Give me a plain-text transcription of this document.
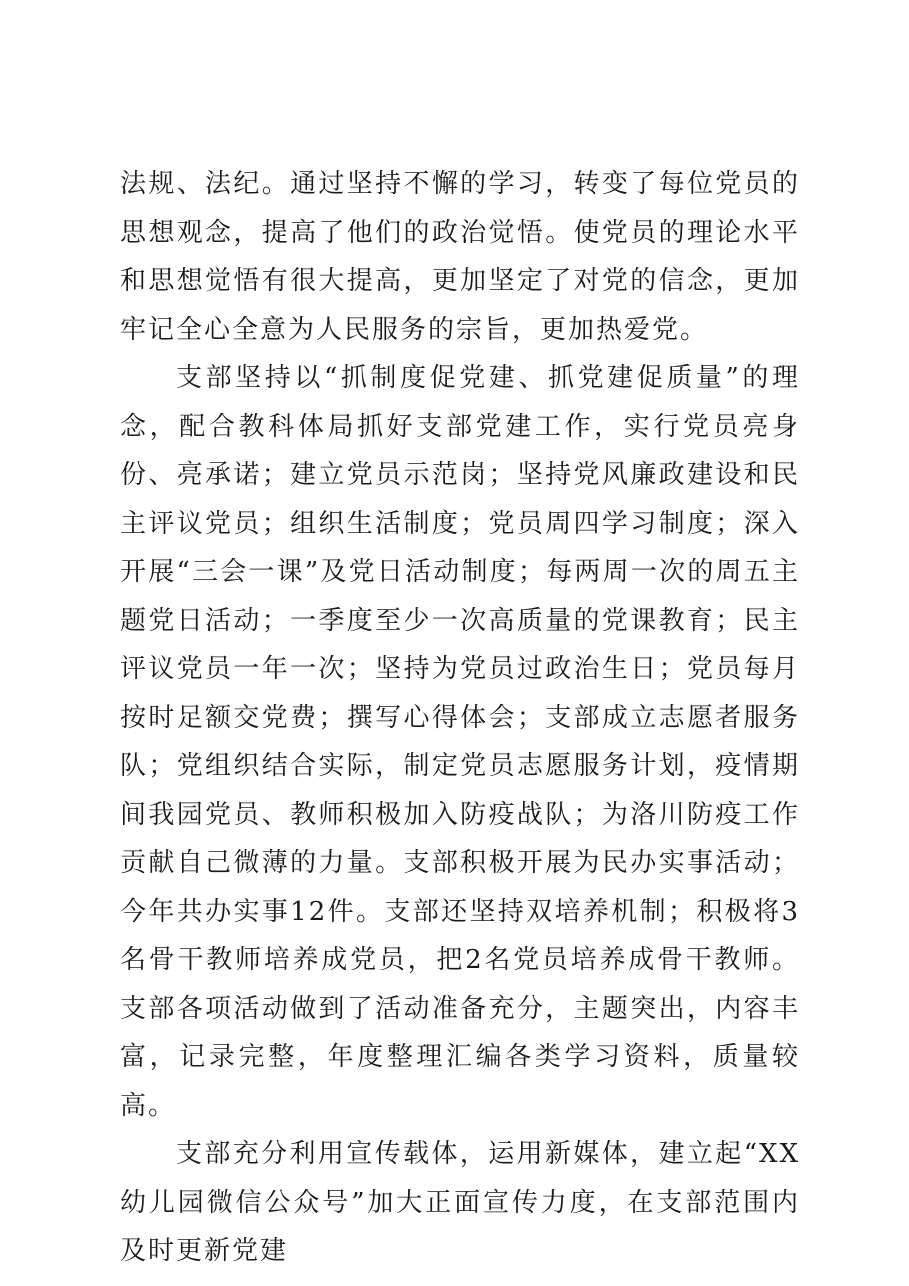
法规、法纪。通过坚持不懈的学习，转变了每位党员的思想观念，提高了他们的政治觉悟。使党员的理论水平和思想觉悟有很大提高，更加坚定了对党的信念，更加牢记全心全意为人民服务的宗旨，更加热爱党。

支部坚持以“抓制度促党建、抓党建促质量”的理念，配合教科体局抓好支部党建工作，实行党员亮身份、亮承诺；建立党员示范岗；坚持党风廉政建设和民主评议党员；组织生活制度；党员周四学习制度；深入开展“三会一课”及党日活动制度；每两周一次的周五主题党日活动；一季度至少一次高质量的党课教育；民主评议党员一年一次；坚持为党员过政治生日；党员每月按时足额交党费；撰写心得体会；支部成立志愿者服务队；党组织结合实际，制定党员志愿服务计划，疫情期间我园党员、教师积极加入防疫战队；为洛川防疫工作贡献自己微薄的力量。支部积极开展为民办实事活动；今年共办实事12件。支部还坚持双培养机制；积极将3名骨干教师培养成党员，把2名党员培养成骨干教师。支部各项活动做到了活动准备充分，主题突出，内容丰富，记录完整，年度整理汇编各类学习资料，质量较高。

支部充分利用宣传载体，运用新媒体，建立起“XX幼儿园微信公众号”加大正面宣传力度，在支部范围内及时更新党建
